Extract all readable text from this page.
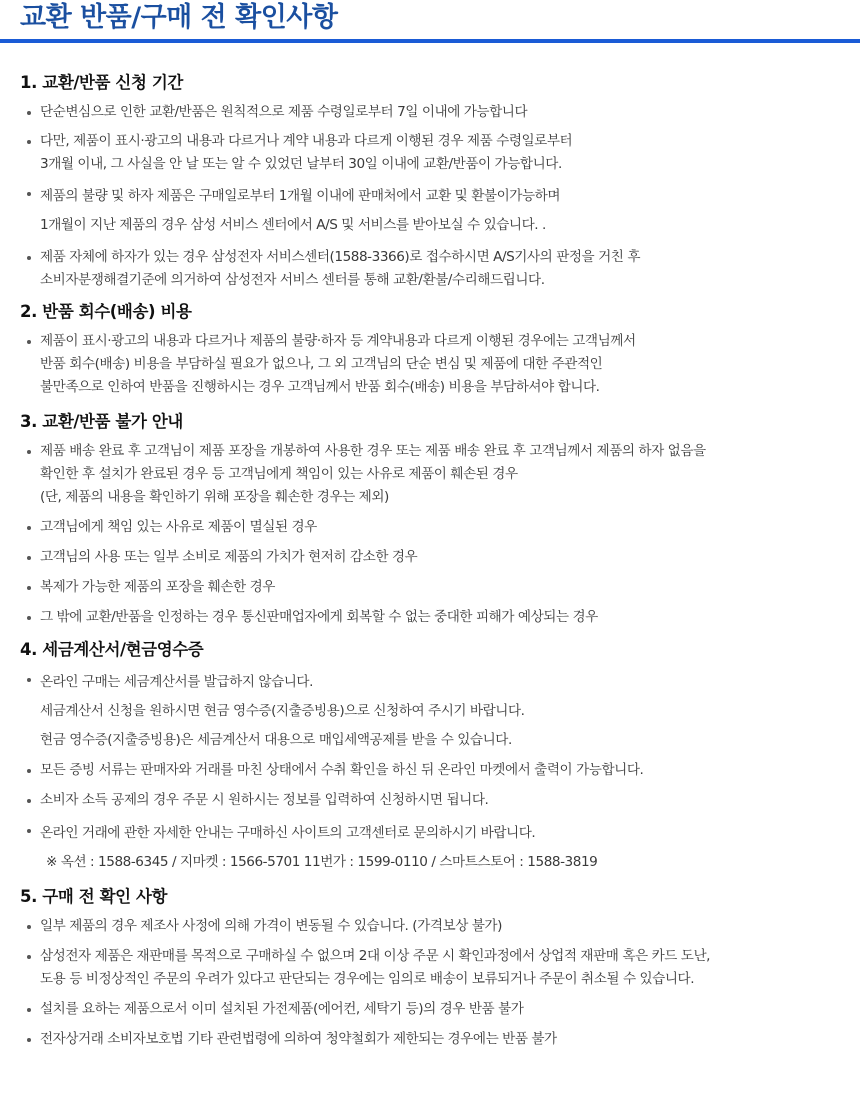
교환 반품/구매 전 확인사항
1. 교환/반품 신청 기간
단순변심으로 인한 교환/반품은 원칙적으로 제품 수령일로부터 7일 이내에 가능합니다
다만, 제품이 표시·광고의 내용과 다르거나 계약 내용과 다르게 이행된 경우 제품 수령일로부터
3개월 이내, 그 사실을 안 날 또는 알 수 있었던 날부터 30일 이내에 교환/반품이 가능합니다.
제품의 불량 및 하자 제품은 구매일로부터 1개월 이내에 판매처에서 교환 및 환불이가능하며
1개월이 지난 제품의 경우 삼성 서비스 센터에서 A/S 및 서비스를 받아보실 수 있습니다. .
제품 자체에 하자가 있는 경우 삼성전자 서비스센터(1588-3366)로 접수하시면 A/S기사의 판정을 거친 후
소비자분쟁해결기준에 의거하여 삼성전자 서비스 센터를 통해 교환/환불/수리해드립니다.
2. 반품 회수(배송) 비용
제품이 표시·광고의 내용과 다르거나 제품의 불량·하자 등 계약내용과 다르게 이행된 경우에는 고객님께서
반품 회수(배송) 비용을 부담하실 필요가 없으나, 그 외 고객님의 단순 변심 및 제품에 대한 주관적인
불만족으로 인하여 반품을 진행하시는 경우 고객님께서 반품 회수(배송) 비용을 부담하셔야 합니다.
3. 교환/반품 불가 안내
제품 배송 완료 후 고객님이 제품 포장을 개봉하여 사용한 경우 또는 제품 배송 완료 후 고객님께서 제품의 하자 없음을
확인한 후 설치가 완료된 경우 등 고객님에게 책임이 있는 사유로 제품이 훼손된 경우
(단, 제품의 내용을 확인하기 위해 포장을 훼손한 경우는 제외)
고객님에게 책임 있는 사유로 제품이 멸실된 경우
고객님의 사용 또는 일부 소비로 제품의 가치가 현저히 감소한 경우
복제가 가능한 제품의 포장을 훼손한 경우
그 밖에 교환/반품을 인정하는 경우 통신판매업자에게 회복할 수 없는 중대한 피해가 예상되는 경우
4. 세금계산서/현금영수증
온라인 구매는 세금계산서를 발급하지 않습니다.
세금계산서 신청을 원하시면 현금 영수증(지출증빙용)으로 신청하여 주시기 바랍니다.
현금 영수증(지출증빙용)은 세금계산서 대용으로 매입세액공제를 받을 수 있습니다.
모든 증빙 서류는 판매자와 거래를 마친 상태에서 수취 확인을 하신 뒤 온라인 마켓에서 출력이 가능합니다.
소비자 소득 공제의 경우 주문 시 원하시는 정보를 입력하여 신청하시면 됩니다.
온라인 거래에 관한 자세한 안내는 구매하신 사이트의 고객센터로 문의하시기 바랍니다.
※ 옥션 : 1588-6345 / 지마켓 : 1566-5701 11번가 : 1599-0110 / 스마트스토어 : 1588-3819
5. 구매 전 확인 사항
일부 제품의 경우 제조사 사정에 의해 가격이 변동될 수 있습니다. (가격보상 불가)
삼성전자 제품은 재판매를 목적으로 구매하실 수 없으며 2대 이상 주문 시 확인과정에서 상업적 재판매 혹은 카드 도난,
도용 등 비정상적인 주문의 우려가 있다고 판단되는 경우에는 임의로 배송이 보류되거나 주문이 취소될 수 있습니다.
설치를 요하는 제품으로서 이미 설치된 가전제품(에어컨, 세탁기 등)의 경우 반품 불가
전자상거래 소비자보호법 기타 관련법령에 의하여 청약철회가 제한되는 경우에는 반품 불가
